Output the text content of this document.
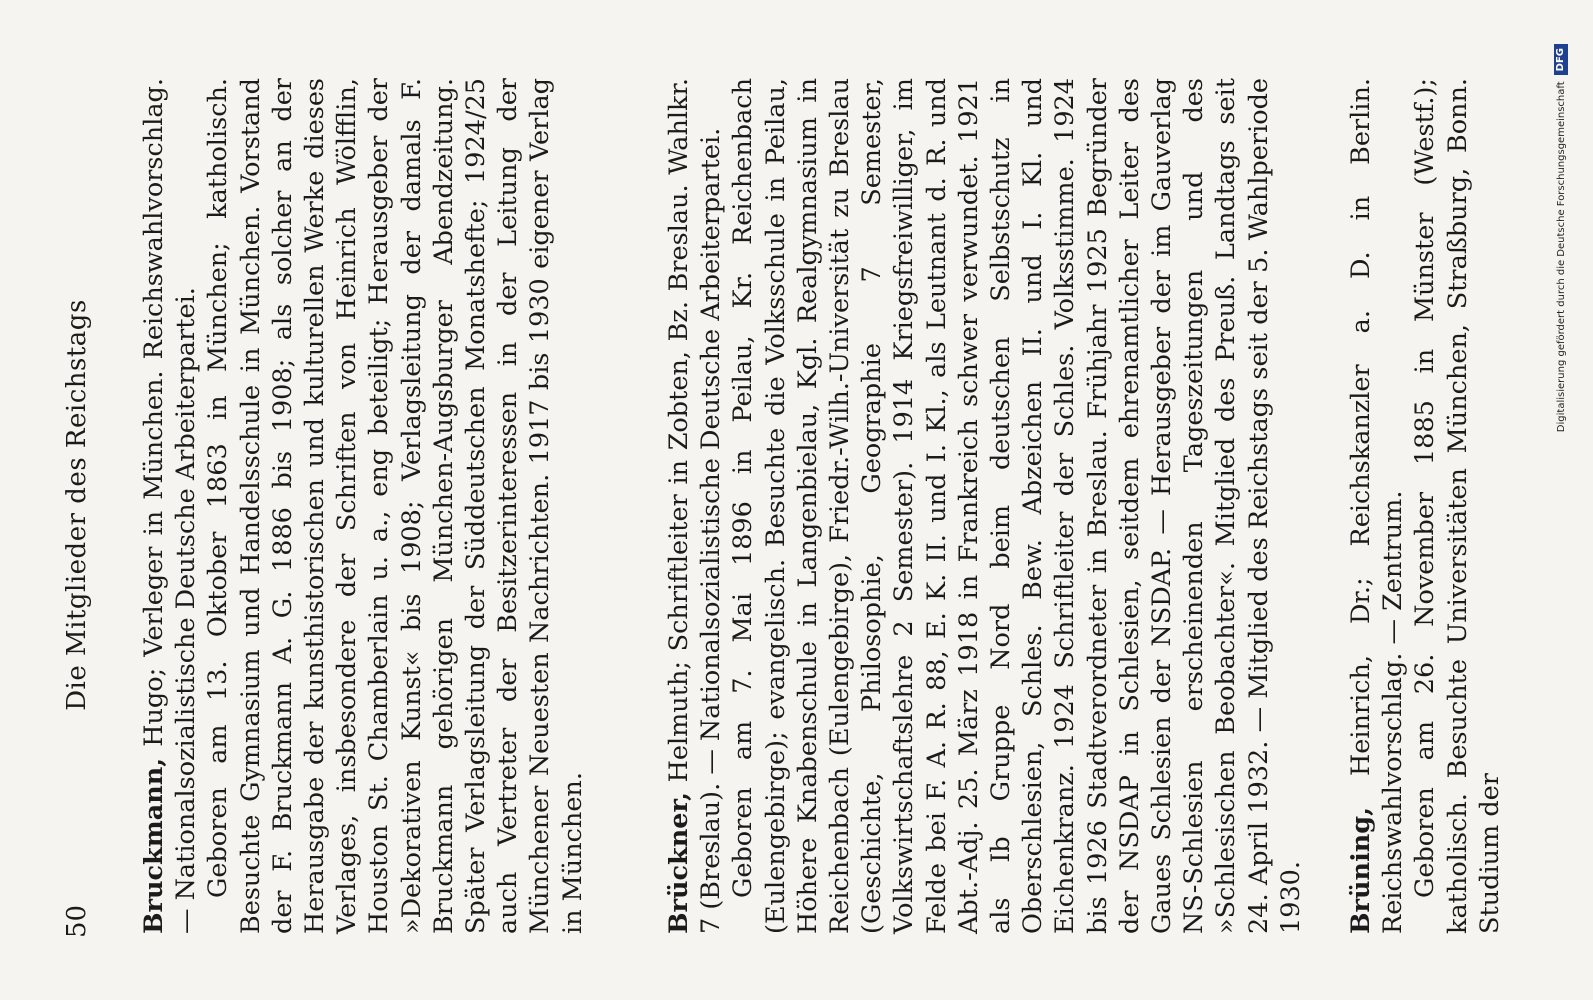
50
Die Mitglieder des Reichstags

Bruckmann, Hugo; Verleger in München. Reichswahlvorschlag. — Nationalsozialistische Deutsche Arbeiterpartei. Geboren am 13. Oktober 1863 in München; katholisch. Besuchte Gymnasium und Handelsschule in München. Vorstand der F. Bruckmann A. G. 1886 bis 1908; als solcher an der Herausgabe der kunsthistorischen und kulturellen Werke dieses Verlages, insbesondere der Schriften von Heinrich Wölfflin, Houston St. Chamberlain u. a., eng beteiligt; Herausgeber der »Dekorativen Kunst« bis 1908; Verlagsleitung der damals F. Bruckmann gehörigen München-Augsburger Abendzeitung. Später Verlagsleitung der Süddeutschen Monatshefte; 1924/25 auch Vertreter der Besitzerinteressen in der Leitung der Münchener Neuesten Nachrichten. 1917 bis 1930 eigener Verlag in München.	Brückner, Helmuth; Schriftleiter in Zobten, Bz. Breslau. Wahlkr. 7 (Breslau). — Nationalsozialistische Deutsche Arbeiterpartei. Geboren am 7. Mai 1896 in Peilau, Kr. Reichenbach (Eulengebirge); evangelisch. Besuchte die Volksschule in Peilau, Höhere Knabenschule in Langenbielau, Kgl. Realgymnasium in Reichenbach (Eulengebirge), Friedr.-Wilh.-Universität zu Breslau (Geschichte, Philosophie, Geographie 7 Semester, Volkswirtschaftslehre 2 Semester). 1914 Kriegsfreiwilliger, im Felde bei F. A. R. 88, E. K. II. und I. Kl., als Leutnant d. R. und Abt.-Adj. 25. März 1918 in Frankreich schwer verwundet. 1921 als Ib Gruppe Nord beim deutschen Selbstschutz in Oberschlesien, Schles. Bew. Abzeichen II. und I. Kl. und Eichenkranz. 1924 Schriftleiter der Schles. Volksstimme. 1924 bis 1926 Stadtverordneter in Breslau. Frühjahr 1925 Begründer der NSDAP in Schlesien, seitdem ehrenamtlicher Leiter des Gaues Schlesien der NSDAP. — Herausgeber der im Gauverlag NS-Schlesien erscheinenden Tageszeitungen und des »Schlesischen Beobachter«. Mitglied des Preuß. Landtags seit 24. April 1932. — Mitglied des Reichstags seit der 5. Wahlperiode 1930. Brüning, Heinrich, Dr.; Reichskanzler a. D. in Berlin. Reichswahlvorschlag. — Zentrum. Geboren am 26. November 1885 in Münster (Westf.); katholisch. Besuchte Universitäten München, Straßburg, Bonn. Studium der

Digitalisierung gefördert durch die Deutsche ForschungsgemeinschaftDFG
